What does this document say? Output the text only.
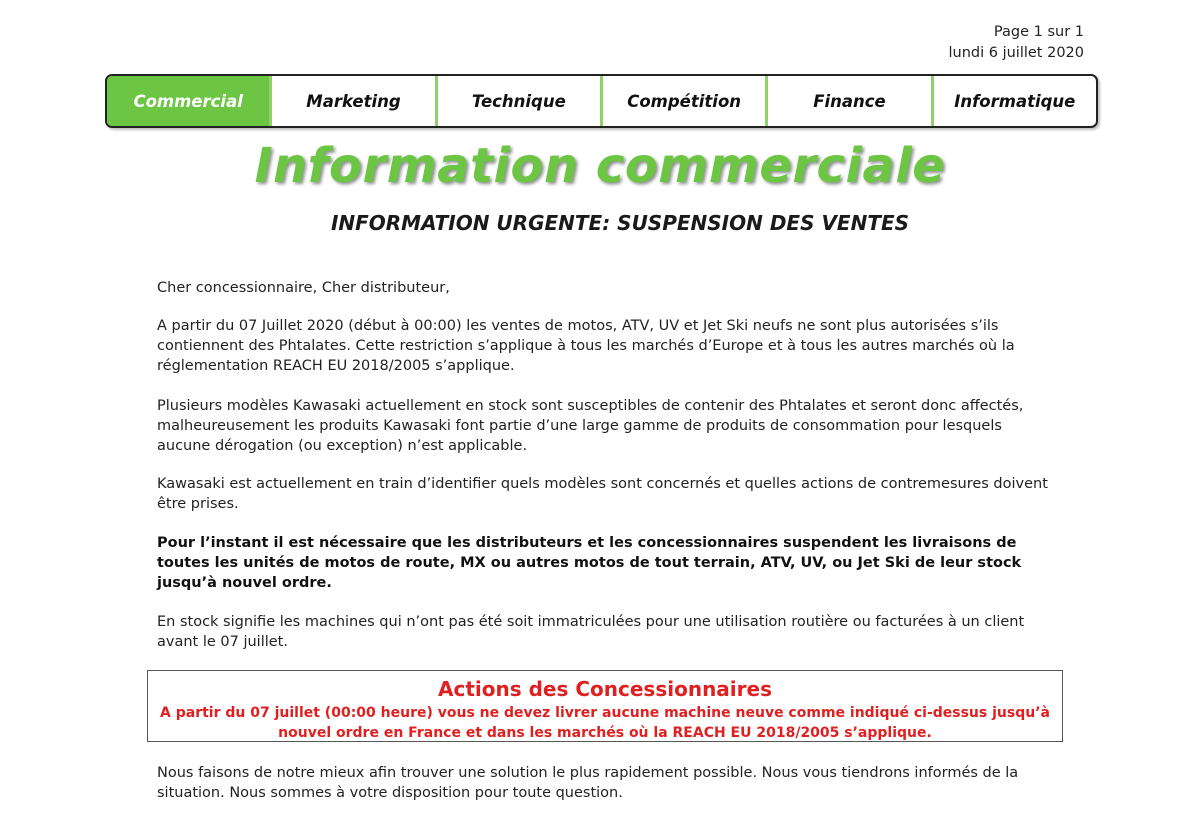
Page 1 sur 1
lundi 6 juillet 2020
Commercial	Marketing	Technique	Compétition	Finance	Informatique
Information commerciale
INFORMATION URGENTE: SUSPENSION DES VENTES

Cher concessionnaire, Cher distributeur,

A partir du 07 Juillet 2020 (début à 00:00) les ventes de motos, ATV, UV et Jet Ski neufs ne sont plus autorisées s’ils contiennent des Phtalates. Cette restriction s’applique à tous les marchés d’Europe et à tous les autres marchés où la réglementation REACH EU 2018/2005 s’applique.

Plusieurs modèles Kawasaki actuellement en stock sont susceptibles de contenir des Phtalates et seront donc affectés, malheureusement les produits Kawasaki font partie d’une large gamme de produits de consommation pour lesquels aucune dérogation (ou exception) n’est applicable.

Kawasaki est actuellement en train d’identifier quels modèles sont concernés et quelles actions de contremesures doivent être prises.

Pour l’instant il est nécessaire que les distributeurs et les concessionnaires suspendent les livraisons de toutes les unités de motos de route, MX ou autres motos de tout terrain, ATV, UV, ou Jet Ski de leur stock jusqu’à nouvel ordre.

En stock signifie les machines qui n’ont pas été soit immatriculées pour une utilisation routière ou facturées à un client avant le 07 juillet.

Actions des Concessionnaires
A partir du 07 juillet (00:00 heure) vous ne devez livrer aucune machine neuve comme indiqué ci-dessus jusqu’à nouvel ordre en France et dans les marchés où la REACH EU 2018/2005 s’applique.

Nous faisons de notre mieux afin trouver une solution le plus rapidement possible. Nous vous tiendrons informés de la situation. Nous sommes à votre disposition pour toute question.
